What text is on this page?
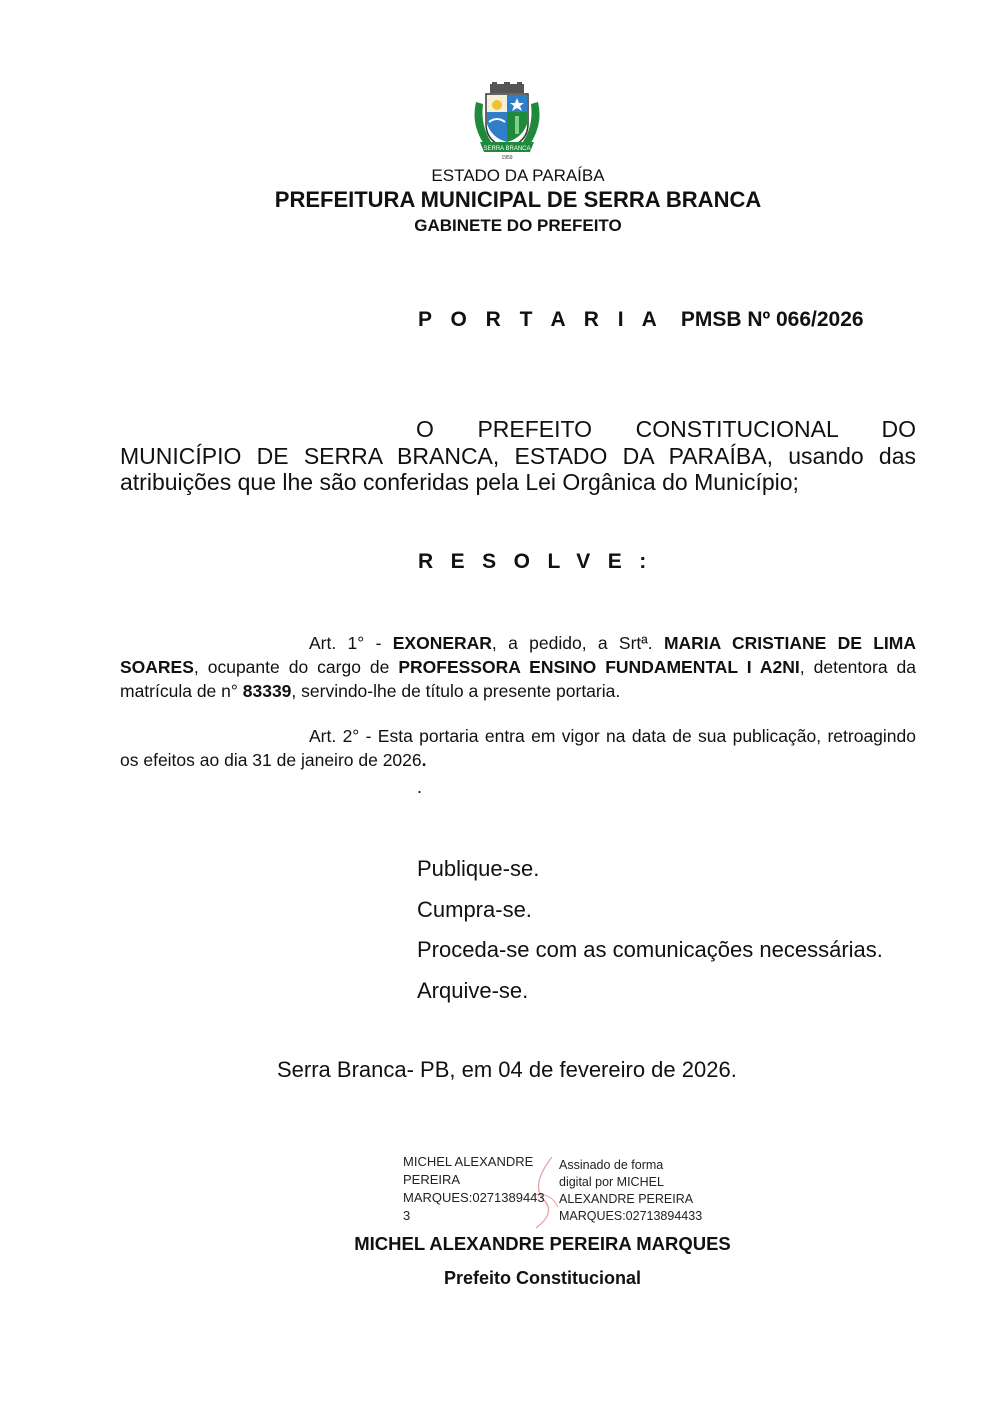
SERRA BRANCA
1959
ESTADO DA PARAÍBA
PREFEITURA MUNICIPAL DE SERRA BRANCA
GABINETE DO PREFEITO
P O R T A R I A PMSB Nº 066/2026
O PREFEITO CONSTITUCIONAL DO
MUNICÍPIO DE SERRA BRANCA, ESTADO DA PARAÍBA, usando das
atribuições que lhe são conferidas pela Lei Orgânica do Município;
RESOLVE:
Art. 1° - EXONERAR, a pedido, a Srtª. MARIA CRISTIANE DE LIMA SOARES, ocupante do cargo de PROFESSORA ENSINO FUNDAMENTAL I A2NI, detentora da matrícula de n° 83339, servindo-lhe de título a presente portaria.
Art. 2° - Esta portaria entra em vigor na data de sua publicação, retroagindo os efeitos ao dia 31 de janeiro de 2026.
.
Publique-se.
Cumpra-se.
Proceda-se com as comunicações necessárias.
Arquive-se.
Serra Branca- PB, em 04 de fevereiro de 2026.
MICHEL ALEXANDRE
PEREIRA
MARQUES:0271389443
3
Assinado de forma
digital por MICHEL
ALEXANDRE PEREIRA
MARQUES:02713894433
MICHEL ALEXANDRE PEREIRA MARQUES
Prefeito Constitucional
